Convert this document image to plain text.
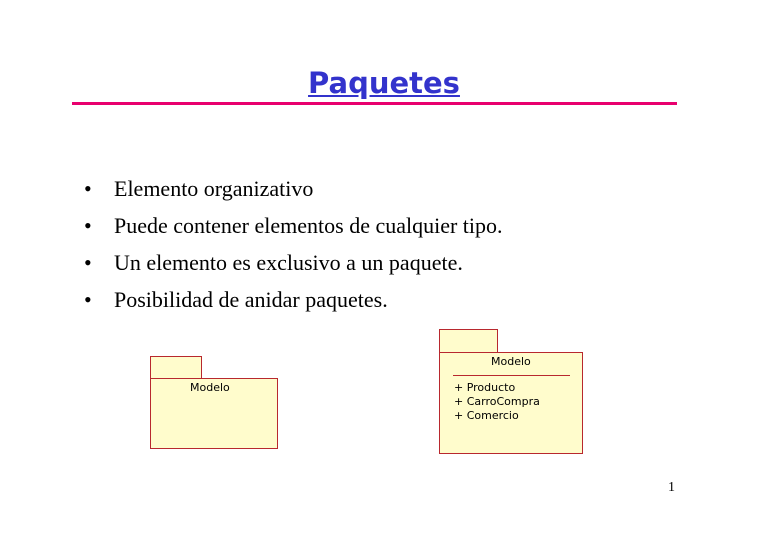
Paquetes
• Elemento organizativo
• Puede contener elementos de cualquier tipo.
• Un elemento es exclusivo a un paquete.
• Posibilidad de anidar paquetes.
Modelo
Modelo
+ Producto
+ CarroCompra
+ Comercio
1
